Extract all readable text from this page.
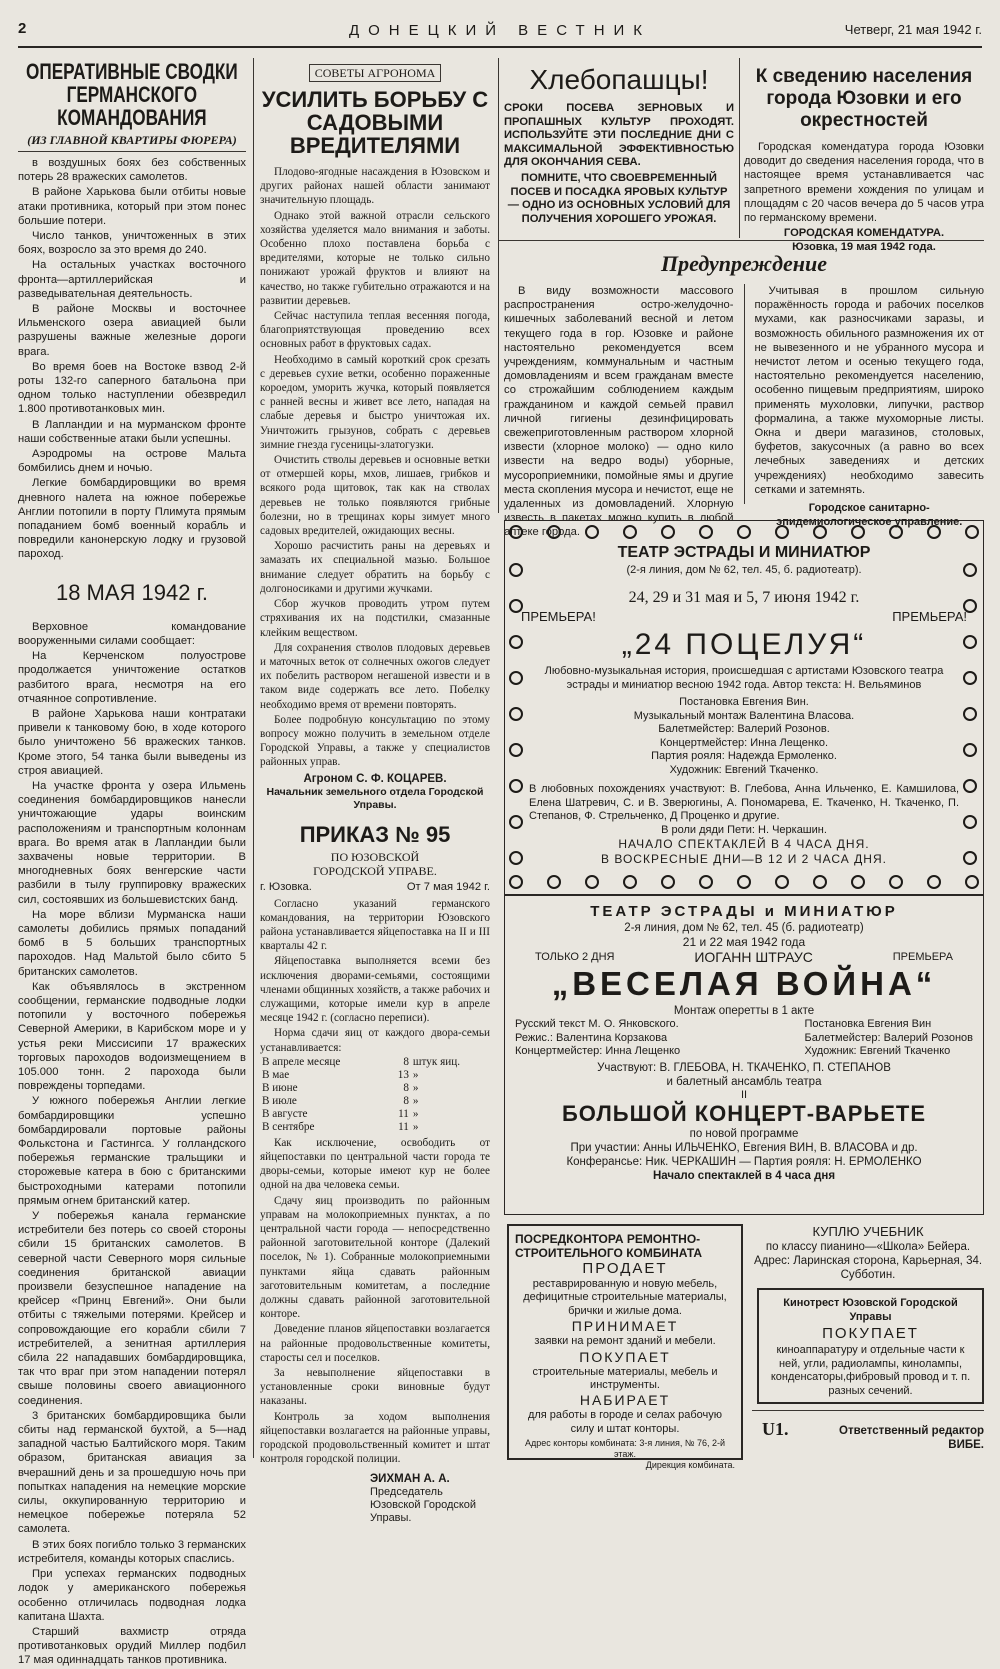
2	ДОНЕЦКИЙ ВЕСТНИК	Четверг, 21 мая 1942 г.
ОПЕРАТИВНЫЕ СВОДКИ ГЕРМАНСКОГО КОМАНДОВАНИЯ
(ИЗ ГЛАВНОЙ КВАРТИРЫ ФЮРЕРА)

в воздушных боях без собственных потерь 28 вражеских самолетов.

В районе Харькова были отбиты новые атаки противника, который при этом понес большие потери.

Число танков, уничтоженных в этих боях, возросло за это время до 240.

На остальных участках восточного фронта—артиллерийская и разведывательная деятельность.

В районе Москвы и восточнее Ильменского озера авиацией были разрушены важные железные дороги врага.

Во время боев на Востоке взвод 2-й роты 132-го саперного батальона при одном только наступлении обезвредил 1.800 противотанковых мин.

В Лапландии и на мурманском фронте наши собственные атаки были успешны.

Аэродромы на острове Мальта бомбились днем и ночью.

Легкие бомбардировщики во время дневного налета на южное побережье Англии потопили в порту Плимута прямым попаданием бомб военный корабль и повредили канонерскую лодку и грузовой пароход.

18 МАЯ 1942 г.

Верховное командование вооруженными силами сообщает:

На Керченском полуострове продолжается уничтожение остатков разбитого врага, несмотря на его отчаянное сопротивление.

В районе Харькова наши контратаки привели к танковому бою, в ходе которого было уничтожено 56 вражеских танков. Кроме этого, 54 танка были выведены из строя авиацией.

На участке фронта у озера Ильмень соединения бомбардировщиков нанесли уничтожающие удары воинским расположениям и транспортным колоннам врага. Во время атак в Лапландии были захвачены новые территории. В многодневных боях венгерские части разбили в тылу группировку вражеских сил, состоявших из большевистских банд.

На море вблизи Мурманска наши самолеты добились прямых попаданий бомб в 5 больших транспортных пароходов. Над Мальтой было сбито 5 британских самолетов.

Как объявлялось в экстренном сообщении, германские подводные лодки потопили у восточного побережья Северной Америки, в Карибском море и у устья реки Миссисипи 17 вражеских торговых пароходов водоизмещением в 105.000 тонн. 2 парохода были повреждены торпедами.

У южного побережья Англии легкие бомбардировщики успешно бомбардировали портовые районы Фолькстона и Гастингса. У голландского побережья германские тральщики и сторожевые катера в бою с британскими быстроходными катерами потопили прямым огнем британский катер.

У побережья канала германские истребители без потерь со своей стороны сбили 15 британских самолетов. В северной части Северного моря сильные соединения британской авиации произвели безуспешное нападение на крейсер «Принц Евгений». Они были отбиты с тяжелыми потерями. Крейсер и сопровождающие его корабли сбили 7 истребителей, а зенитная артиллерия сбила 22 нападавших бомбардировщика, так что враг при этом нападении потерял свыше половины своего авиационного соединения.

3 британских бомбардировщика были сбиты над германской бухтой, а 5—над западной частью Балтийского моря. Таким образом, британская авиация за вчерашний день и за прошедшую ночь при попытках нападения на немецкие морские силы, оккупированную территорию и немецкое побережье потеряла 52 самолета.

В этих боях погибло только 3 германских истребителя, команды которых спаслись.

При успехах германских подводных лодок у американского побережья особенно отличилась подводная лодка капитана Шахта.

Старший вахмистр отряда противотанковых орудий Миллер подбил 17 мая одиннадцать танков противника.

СОВЕТЫ АГРОНОМА
УСИЛИТЬ БОРЬБУ С САДОВЫМИ ВРЕДИТЕЛЯМИ

Плодово-ягодные насаждения в Юзовском и других районах нашей области занимают значительную площадь.

Однако этой важной отрасли сельского хозяйства уделяется мало внимания и заботы. Особенно плохо поставлена борьба с вредителями, которые не только сильно понижают урожай фруктов и влияют на качество, но также губительно отражаются и на развитии деревьев.

Сейчас наступила теплая весенняя погода, благоприятствующая проведению всех основных работ в фруктовых садах.

Необходимо в самый короткий срок срезать с деревьев сухие ветки, особенно пораженные короедом, уморить жучка, который появляется с ранней весны и живет все лето, нападая на слабые деревья и быстро уничтожая их. Уничтожить грызунов, собрать с деревьев зимние гнезда гусеницы-златогузки.

Очистить стволы деревьев и основные ветки от отмершей коры, мхов, лишаев, грибков и всякого рода щитовок, так как на стволах деревьев не только появляются грибные болезни, но в трещинах коры зимует много садовых вредителей, ожидающих весны.

Хорошо расчистить раны на деревьях и замазать их специальной мазью. Большое внимание следует обратить на борьбу с долгоносиками и другими жучками.

Сбор жучков проводить утром путем стряхивания их на подстилки, смазанные клейким веществом.

Для сохранения стволов плодовых деревьев и маточных веток от солнечных ожогов следует их побелить раствором негашеной извести и в таком виде содержать все лето. Побелку необходимо время от времени повторять.

Более подробную консультацию по этому вопросу можно получить в земельном отделе Городской Управы, а также у специалистов районных управ.

Агроном С. Ф. КОЦАРЕВ.
Начальник земельного отдела Городской Управы.
ПРИКАЗ № 95
ПО ЮЗОВСКОЙ ГОРОДСКОЙ УПРАВЕ.
г. Юзовка.	От 7 мая 1942 г.

Согласно указаний германского командования, на территории Юзовского района устанавливается яйцепоставка на II и III кварталы 42 г.

Яйцепоставка выполняется всеми без исключения дворами-семьями, состоящими членами общинных хозяйств, а также рабочих и служащими, которые имели кур в апреле месяце 1942 г. (согласно переписи).

Норма сдачи яиц от каждого двора-семьи устанавливается:

В апреле месяце	8	штук яиц.
В мае	13	»
В июне	8	»
В июле	8	»
В августе	11	»
В сентябре	11	»

Как исключение, освободить от яйцепоставки по центральной части города те дворы-семьи, которые имеют кур не более одной на два человека семьи.

Сдачу яиц производить по районным управам на молокоприемных пунктах, а по центральной части города — непосредственно районной заготовительной конторе (Далекий поселок, № 1). Собранные молокоприемными пунктами яйца сдавать районным заготовительным комитетам, а последние должны сдавать районной заготовительной конторе.

Доведение планов яйцепоставки возлагается на районные продовольственные комитеты, старосты сел и поселков.

За невыполнение яйцепоставки в установленные сроки виновные будут наказаны.

Контроль за ходом выполнения яйцепоставки возлагается на районные управы, городской продовольственный комитет и штат контроля городской полиции.

ЭИХМАН А. А.
Председатель Юзовской Городской Управы.
Хлебопашцы!
СРОКИ ПОСЕВА ЗЕРНОВЫХ И ПРОПАШНЫХ КУЛЬТУР ПРОХОДЯТ. ИСПОЛЬЗУЙТЕ ЭТИ ПОСЛЕДНИЕ ДНИ С МАКСИМАЛЬНОЙ ЭФФЕКТИВНОСТЬЮ ДЛЯ ОКОНЧАНИЯ СЕВА.
ПОМНИТЕ, ЧТО СВОЕВРЕМЕННЫЙ ПОСЕВ И ПОСАДКА ЯРОВЫХ КУЛЬТУР — ОДНО ИЗ ОСНОВНЫХ УСЛОВИЙ ДЛЯ ПОЛУЧЕНИЯ ХОРОШЕГО УРОЖАЯ.
К сведению населения города Юзовки и его окрестностей

Городская комендатура города Юзовки доводит до сведения населения города, что в настоящее время устанавливается час запретного времени хождения по улицам и площадям с 20 часов вечера до 5 часов утра по германскому времени.

ГОРОДСКАЯ КОМЕНДАТУРА.
Юзовка, 19 мая 1942 года.
Предупреждение

В виду возможности массового распространения остро-желудочно-кишечных заболеваний весной и летом текущего года в гор. Юзовке и районе настоятельно рекомендуется всем учреждениям, коммунальным и частным домовладениям и всем гражданам вместе со строжайшим соблюдением каждым гражданином и каждой семьей правил личной гигиены дезинфицировать свежеприготовленным раствором хлорной извести (хлорное молоко) — одно кило извести на ведро воды) уборные, мусороприемники, помойные ямы и другие места скопления мусора и нечистот, еще не удаленных из домовладений. Хлорную известь в пакетах можно купить в любой аптеке города.

Учитывая в прошлом сильную поражённость города и рабочих поселков мухами, как разносчиками заразы, и возможность обильного размножения их от не вывезенного и не убранного мусора и нечистот летом и осенью текущего года, настоятельно рекомендуется населению, особенно пищевым предприятиям, широко применять мухоловки, липучки, раствор формалина, а также мухоморные листы. Окна и двери магазинов, столовых, буфетов, закусочных (а равно во всех лечебных заведениях и детских учреждениях) необходимо завесить сетками и затемнять.

Городское санитарно-эпидемиологическое управление.
ТЕАТР ЭСТРАДЫ И МИНИАТЮР
(2-я линия, дом № 62, тел. 45, б. радиотеатр).
24, 29 и 31 мая и 5, 7 июня 1942 г.
ПРЕМЬЕРА!	ПРЕМЬЕРА!
„24 ПОЦЕЛУЯ“
Любовно-музыкальная история, происшедшая с артистами Юзовского театра эстрады и миниатюр весною 1942 года. Автор текста: Н. Вельяминов
Постановка Евгения Вин.
Музыкальный монтаж Валентина Власова.
Балетмейстер: Валерий Розонов.
Концертмейстер: Инна Лещенко.
Партия рояля: Надежда Ермоленко.
Художник: Евгений Ткаченко.
В любовных похождениях участвуют: В. Глебова, Анна Ильченко, Е. Камшилова, Елена Шатревич, С. и В. Зверюгины, А. Пономарева, Е. Ткаченко, Н. Ткаченко, П. Степанов, Ф. Стрельченко, Д Проценко и другие.
В роли дяди Пети: Н. Черкашин.
НАЧАЛО СПЕКТАКЛЕЙ В 4 ЧАСА ДНЯ.
В ВОСКРЕСНЫЕ ДНИ—В 12 И 2 ЧАСА ДНЯ.
ТЕАТР ЭСТРАДЫ и МИНИАТЮР
2-я линия, дом № 62, тел. 45 (б. радиотеатр)
21 и 22 мая 1942 года
ТОЛЬКО 2 ДНЯ	ИОГАНН ШТРАУС	ПРЕМЬЕРА
„ВЕСЕЛАЯ ВОЙНА“
Монтаж оперетты в 1 акте
Русский текст М. О. Янковского.
Режис.: Валентина Корзакова
Концертмейстер: Инна Лещенко
Постановка Евгения Вин
Балетмейстер: Валерий Розонов
Художник: Евгений Ткаченко
Участвуют: В. ГЛЕБОВА, Н. ТКАЧЕНКО, П. СТЕПАНОВ
и балетный ансамбль театра
II
БОЛЬШОЙ КОНЦЕРТ-ВАРЬЕТЕ
по новой программе
При участии: Анны ИЛЬЧЕНКО, Евгения ВИН, В. ВЛАСОВА и др.
Конферансье: Ник. ЧЕРКАШИН — Партия рояля: Н. ЕРМОЛЕНКО
Начало спектаклей в 4 часа дня
ПОСРЕДКОНТОРА РЕМОНТНО-СТРОИТЕЛЬНОГО КОМБИНАТА
ПРОДАЕТ
реставрированную и новую мебель, дефицитные строительные материалы, брички и жилые дома.
ПРИНИМАЕТ
заявки на ремонт зданий и мебели.
ПОКУПАЕТ
строительные материалы, мебель и инструменты.
НАБИРАЕТ
для работы в городе и селах рабочую силу и штат конторы.
Адрес конторы комбината: 3-я линия, № 76, 2-й этаж.
Дирекция комбината.
КУПЛЮ УЧЕБНИК
по классу пианино—«Школа» Бейера. Адрес: Ларинская сторона, Карьерная, 34. Субботин.
Кинотрест Юзовской Городской Управы
ПОКУПАЕТ
киноаппаратуру и отдельные части к ней, угли, радиолампы, кинолампы, конденсаторы,фибровый провод и т. п. разных сечений.
U1.	Ответственный редактор ВИБЕ.
